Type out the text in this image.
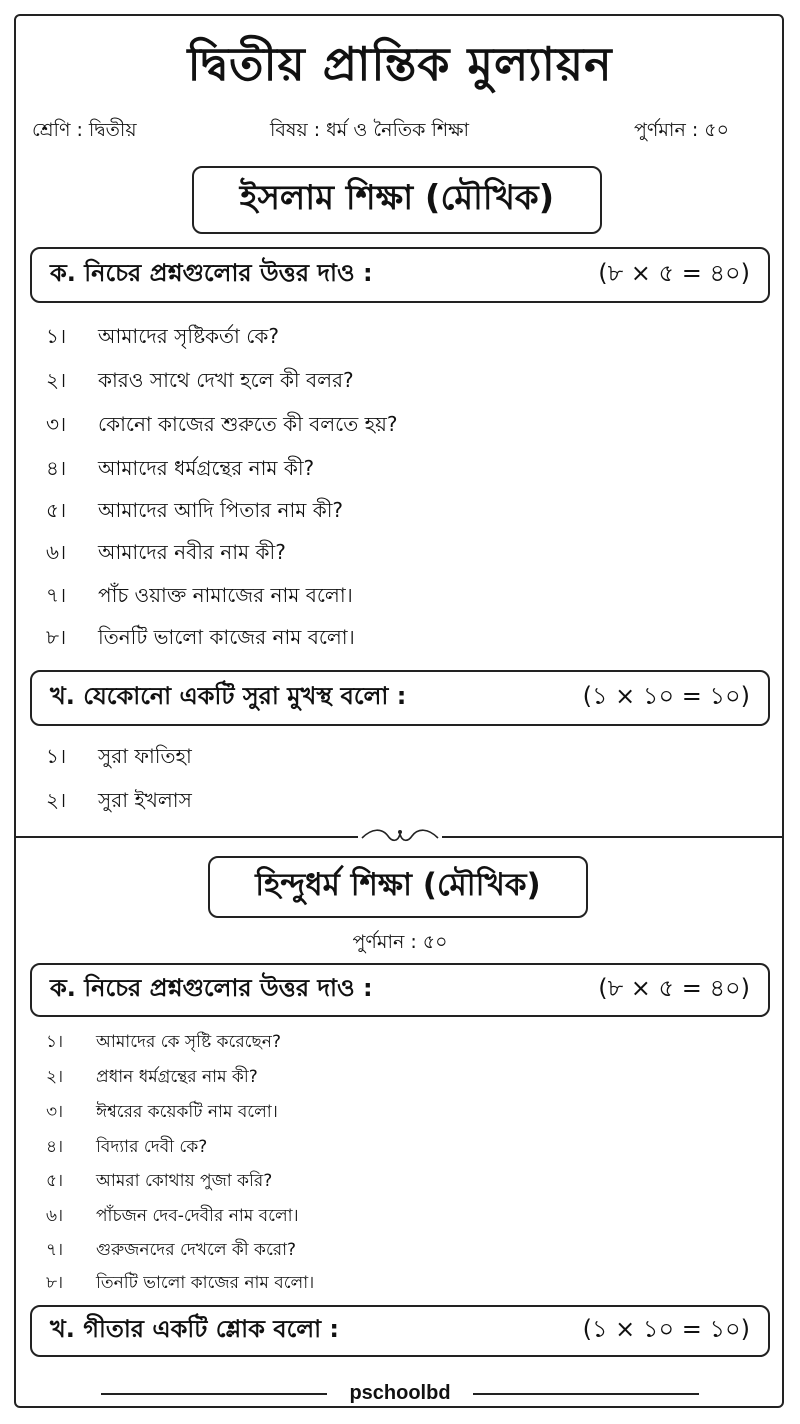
দ্বিতীয় প্রান্তিক মুল্যায়ন
শ্রেণি : দ্বিতীয়	বিষয় : ধর্ম ও নৈতিক শিক্ষা	পুর্ণমান : ৫০
ইসলাম শিক্ষা (মৌখিক)
ক. নিচের প্রশ্নগুলোর উত্তর দাও :	(৮ × ৫ = ৪০)
১।	আমাদের সৃষ্টিকর্তা কে?
২।	কারও সাথে দেখা হলে কী বলর?
৩।	কোনো কাজের শুরুতে কী বলতে হয়?
৪।	আমাদের ধর্মগ্রন্থের নাম কী?
৫।	আমাদের আদি পিতার নাম কী?
৬।	আমাদের নবীর নাম কী?
৭।	পাঁচ ওয়াক্ত নামাজের নাম বলো।
৮।	তিনটি ভালো কাজের নাম বলো।
খ. যেকোনো একটি সুরা মুখস্থ বলো :	(১ × ১০ = ১০)
১।	সুরা ফাতিহা
২।	সুরা ইখলাস
হিন্দুধর্ম শিক্ষা (মৌখিক)
পুর্ণমান : ৫০
ক. নিচের প্রশ্নগুলোর উত্তর দাও :	(৮ × ৫ = ৪০)
১।	আমাদের কে সৃষ্টি করেছেন?
২।	প্রধান ধর্মগ্রন্থের নাম কী?
৩।	ঈশ্বরের কয়েকটি নাম বলো।
৪।	বিদ্যার দেবী কে?
৫।	আমরা কোথায় পুজা করি?
৬।	পাঁচজন দেব-দেবীর নাম বলো।
৭।	গুরুজনদের দেখলে কী করো?
৮।	তিনটি ভালো কাজের নাম বলো।
খ. গীতার একটি শ্লোক বলো :	(১ × ১০ = ১০)
pschoolbd
